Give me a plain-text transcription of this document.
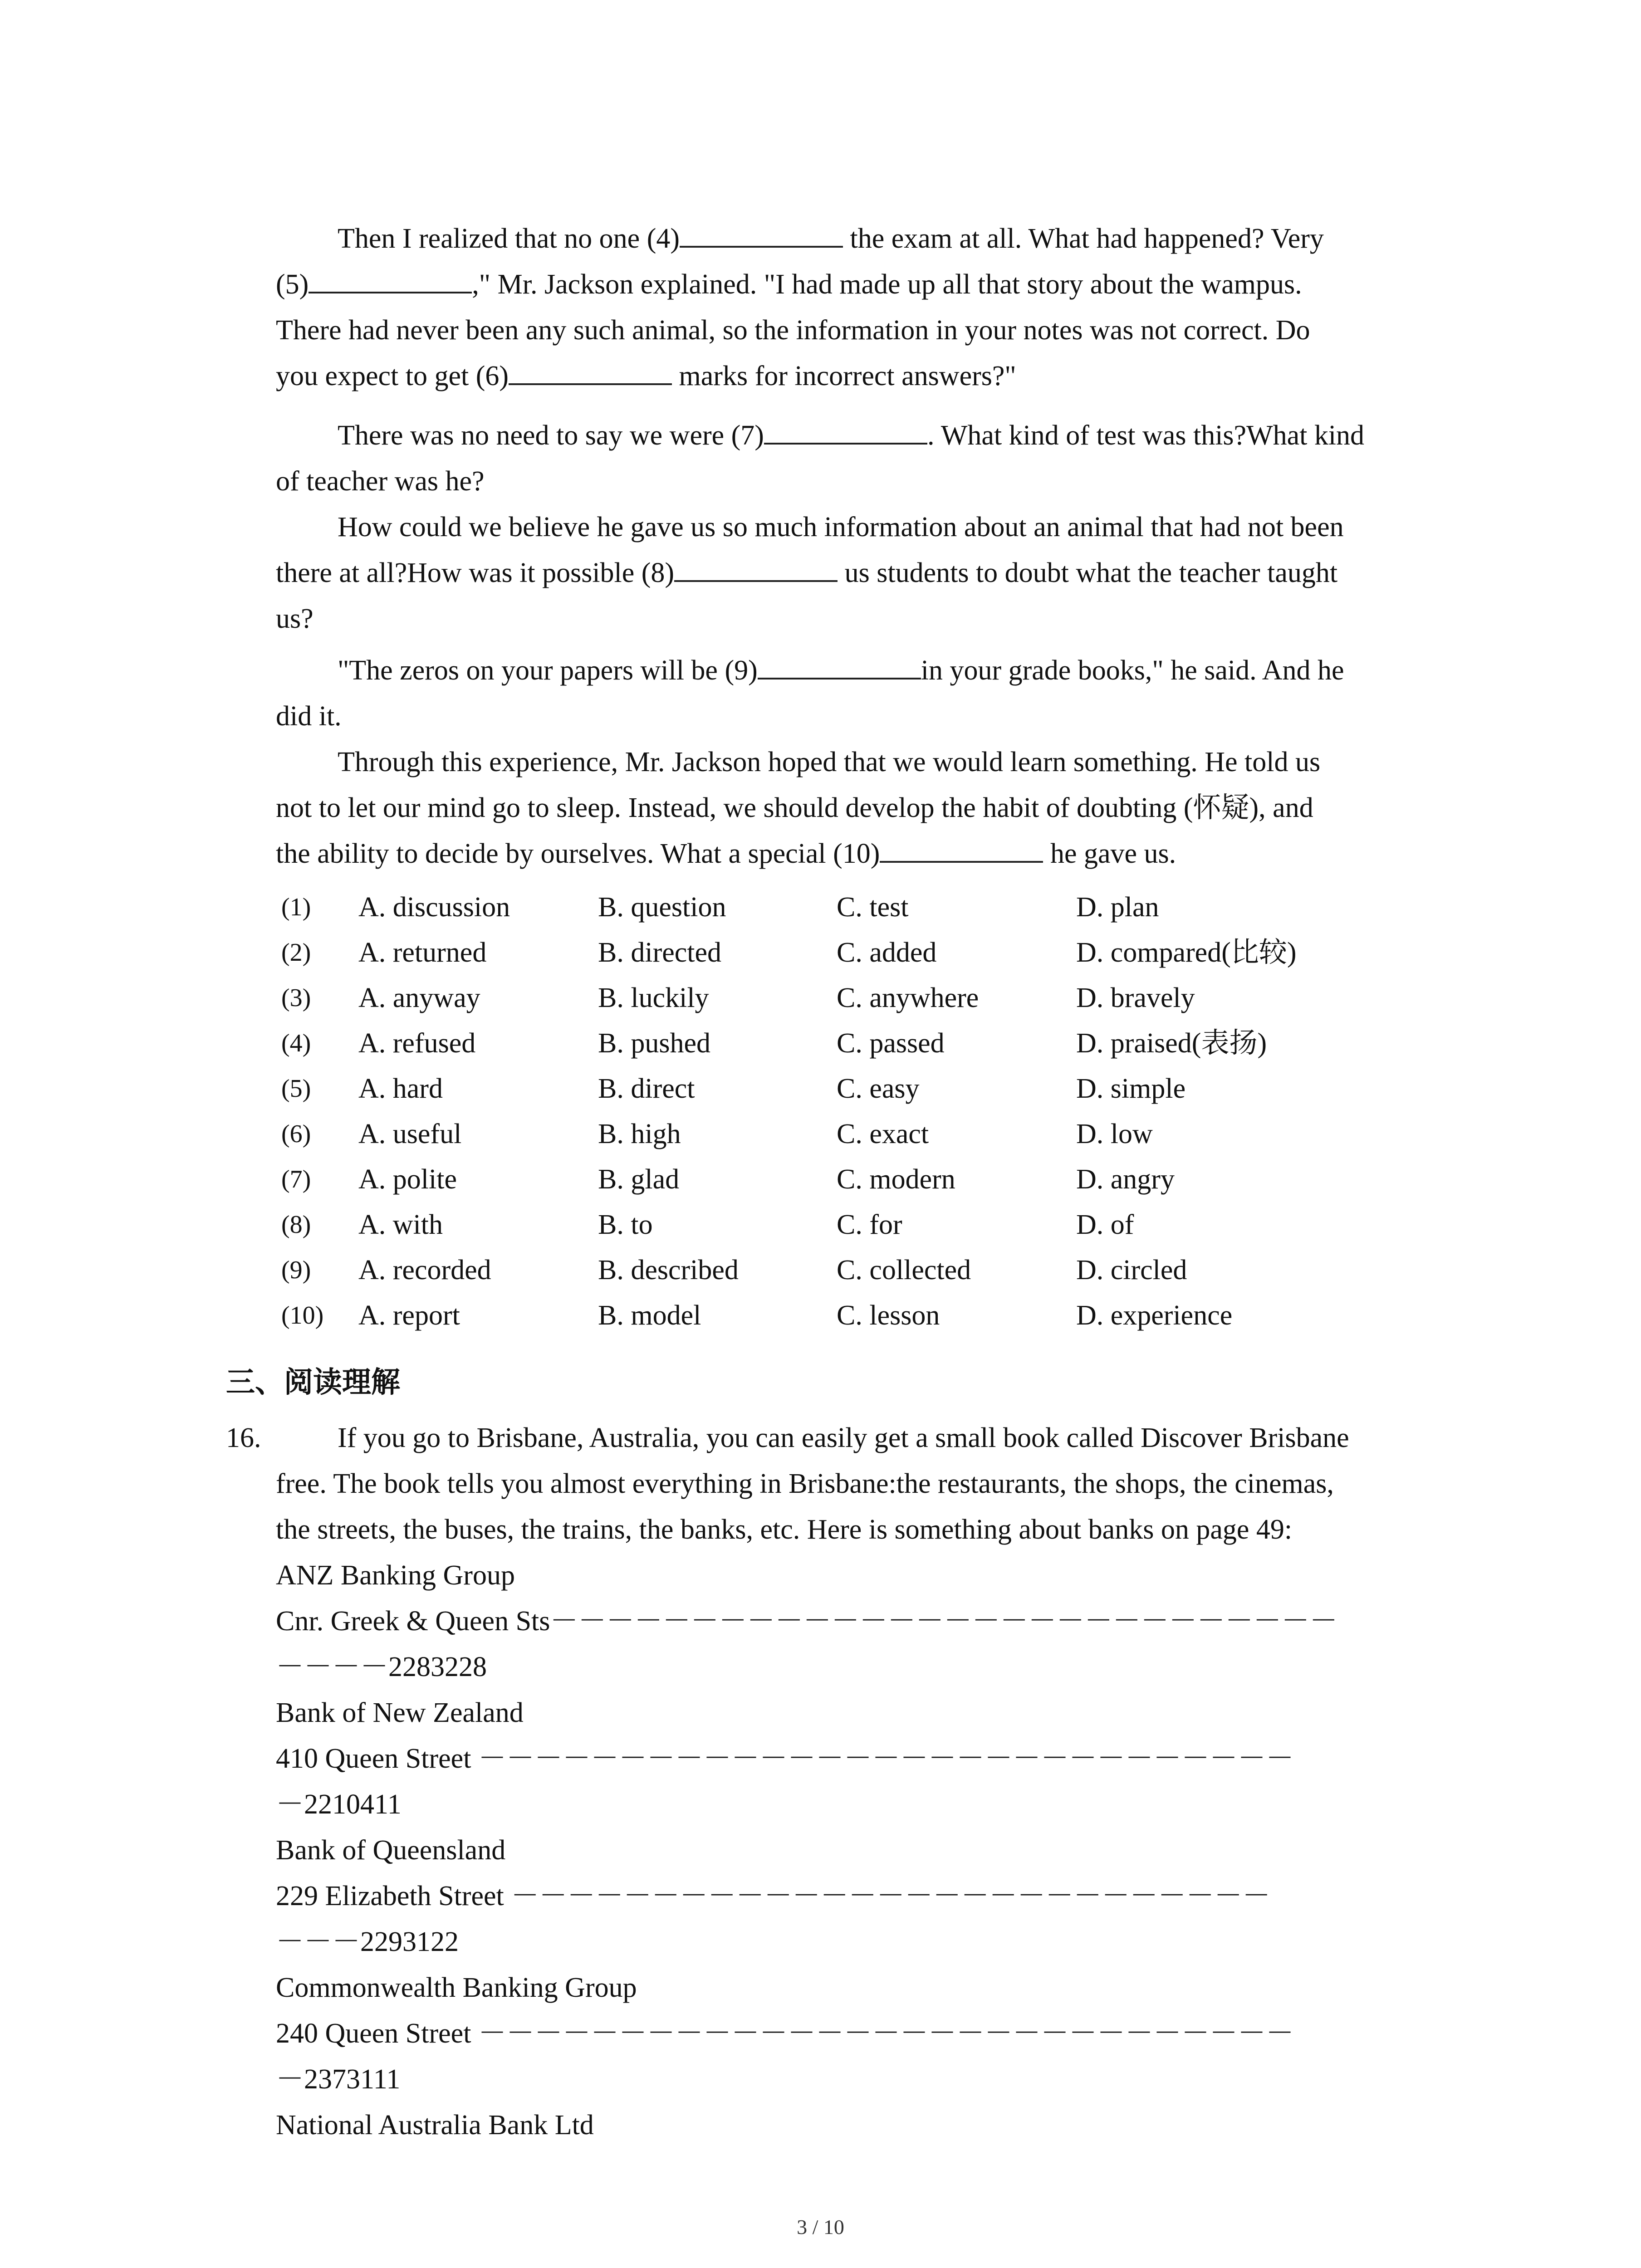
Then I realized that no one (4)	the exam at all. What had happened? Very
(5)	," Mr. Jackson explained. "I had made up all that story about the wampus.
There had never been any such animal, so the information in your notes was not correct. Do
you expect to get (6)	marks for incorrect answers?"
There was no need to say we were (7)	. What kind of test was this?What kind
of teacher was he?
How could we believe he gave us so much information about an animal that had not been
there at all?How was it possible (8)	us students to doubt what the teacher taught
us?
"The zeros on your papers will be (9)	in your grade books," he said. And he
did it.
Through this experience, Mr. Jackson hoped that we would learn something. He told us
not to let our mind go to sleep. Instead, we should develop the habit of doubting (怀疑), and
the ability to decide by ourselves. What a special (10)	he gave us.
(1)	A. discussion	B. question	C. test	D. plan
(2)	A. returned	B. directed	C. added	D. compared(比较)
(3)	A. anyway	B. luckily	C. anywhere	D. bravely
(4)	A. refused	B. pushed	C. passed	D. praised(表扬)
(5)	A. hard	B. direct	C. easy	D. simple
(6)	A. useful	B. high	C. exact	D. low
(7)	A. polite	B. glad	C. modern	D. angry
(8)	A. with	B. to	C. for	D. of
(9)	A. recorded	B. described	C. collected	D. circled
(10)	A. report	B. model	C. lesson	D. experience
三、阅读理解
16.	If you go to Brisbane, Australia, you can easily get a small book called Discover Brisbane
free. The book tells you almost everything in Brisbane:the restaurants, the shops, the cinemas,
the streets, the buses, the trains, the banks, etc. Here is something about banks on page 49:
ANZ Banking Group
Cnr. Greek & Queen Sts－－－－－－－－－－－－－－－－－－－－－－－－－－－－
－－－－2283228
Bank of New Zealand
410 Queen Street －－－－－－－－－－－－－－－－－－－－－－－－－－－－－
－2210411
Bank of Queensland
229 Elizabeth Street －－－－－－－－－－－－－－－－－－－－－－－－－－－
－－－2293122
Commonwealth Banking Group
240 Queen Street －－－－－－－－－－－－－－－－－－－－－－－－－－－－－
－2373111
National Australia Bank Ltd
3 / 10
